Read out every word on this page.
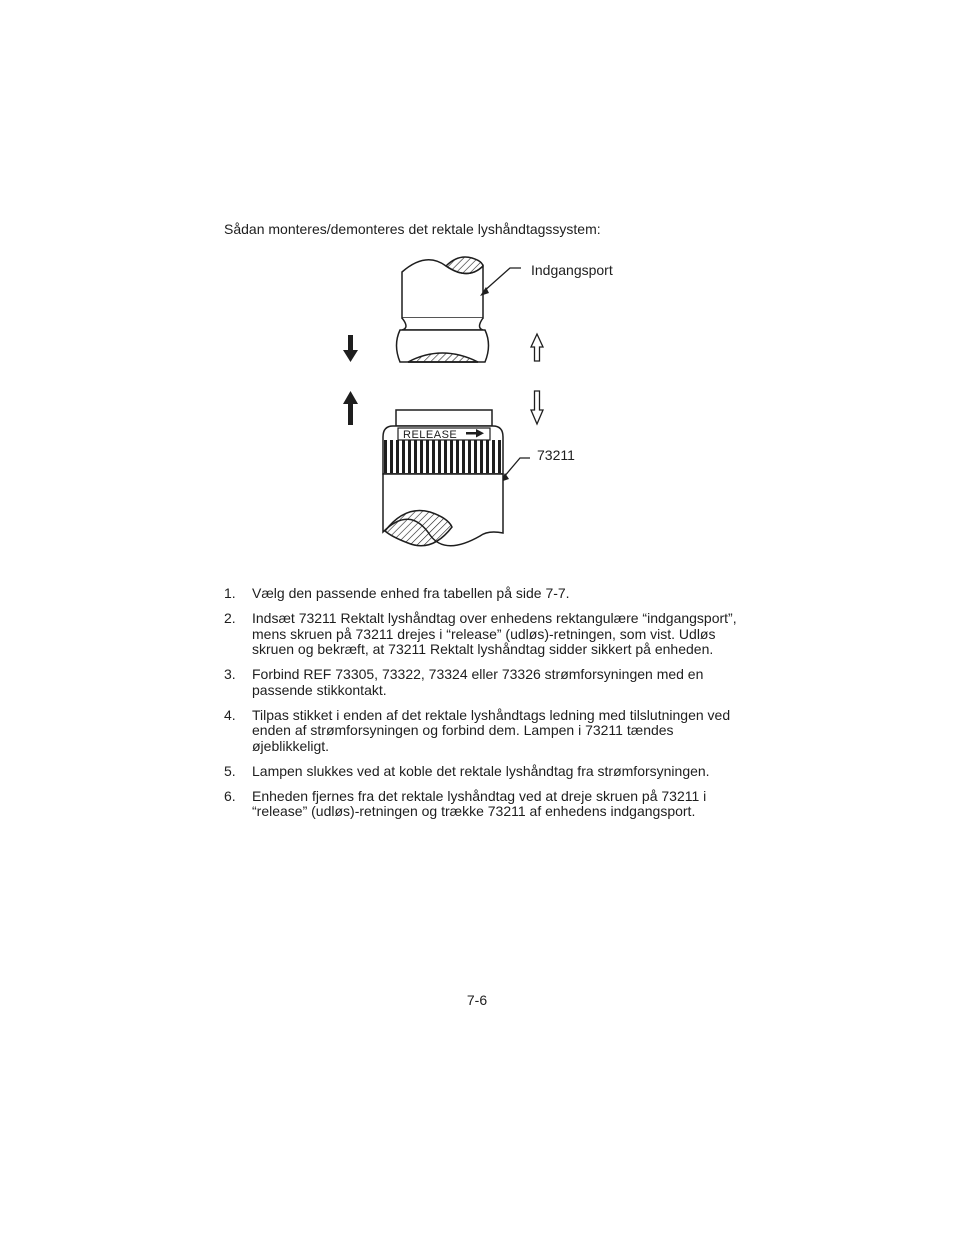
Sådan monteres/demonteres det rektale lyshåndtagssystem:
Indgangsport
73211
RELEASE
1.	Vælg den passende enhed fra tabellen på side 7-7.
2.	Indsæt 73211 Rektalt lyshåndtag over enhedens rektangulære “indgangsport”, mens skruen på 73211 drejes i “release” (udløs)-retningen, som vist. Udløs skruen og bekræft, at 73211 Rektalt lyshåndtag sidder sikkert på enheden.
3.	Forbind REF 73305, 73322, 73324 eller 73326 strømforsyningen med en passende stikkontakt.
4.	Tilpas stikket i enden af det rektale lyshåndtags ledning med tilslutningen ved enden af strømforsyningen og forbind dem. Lampen i 73211 tændes øjeblikkeligt.
5.	Lampen slukkes ved at koble det rektale lyshåndtag fra strømforsyningen.
6.	Enheden fjernes fra det rektale lyshåndtag ved at dreje skruen på 73211 i “release” (udløs)-retningen og trække 73211 af enhedens indgangsport.
7-6
